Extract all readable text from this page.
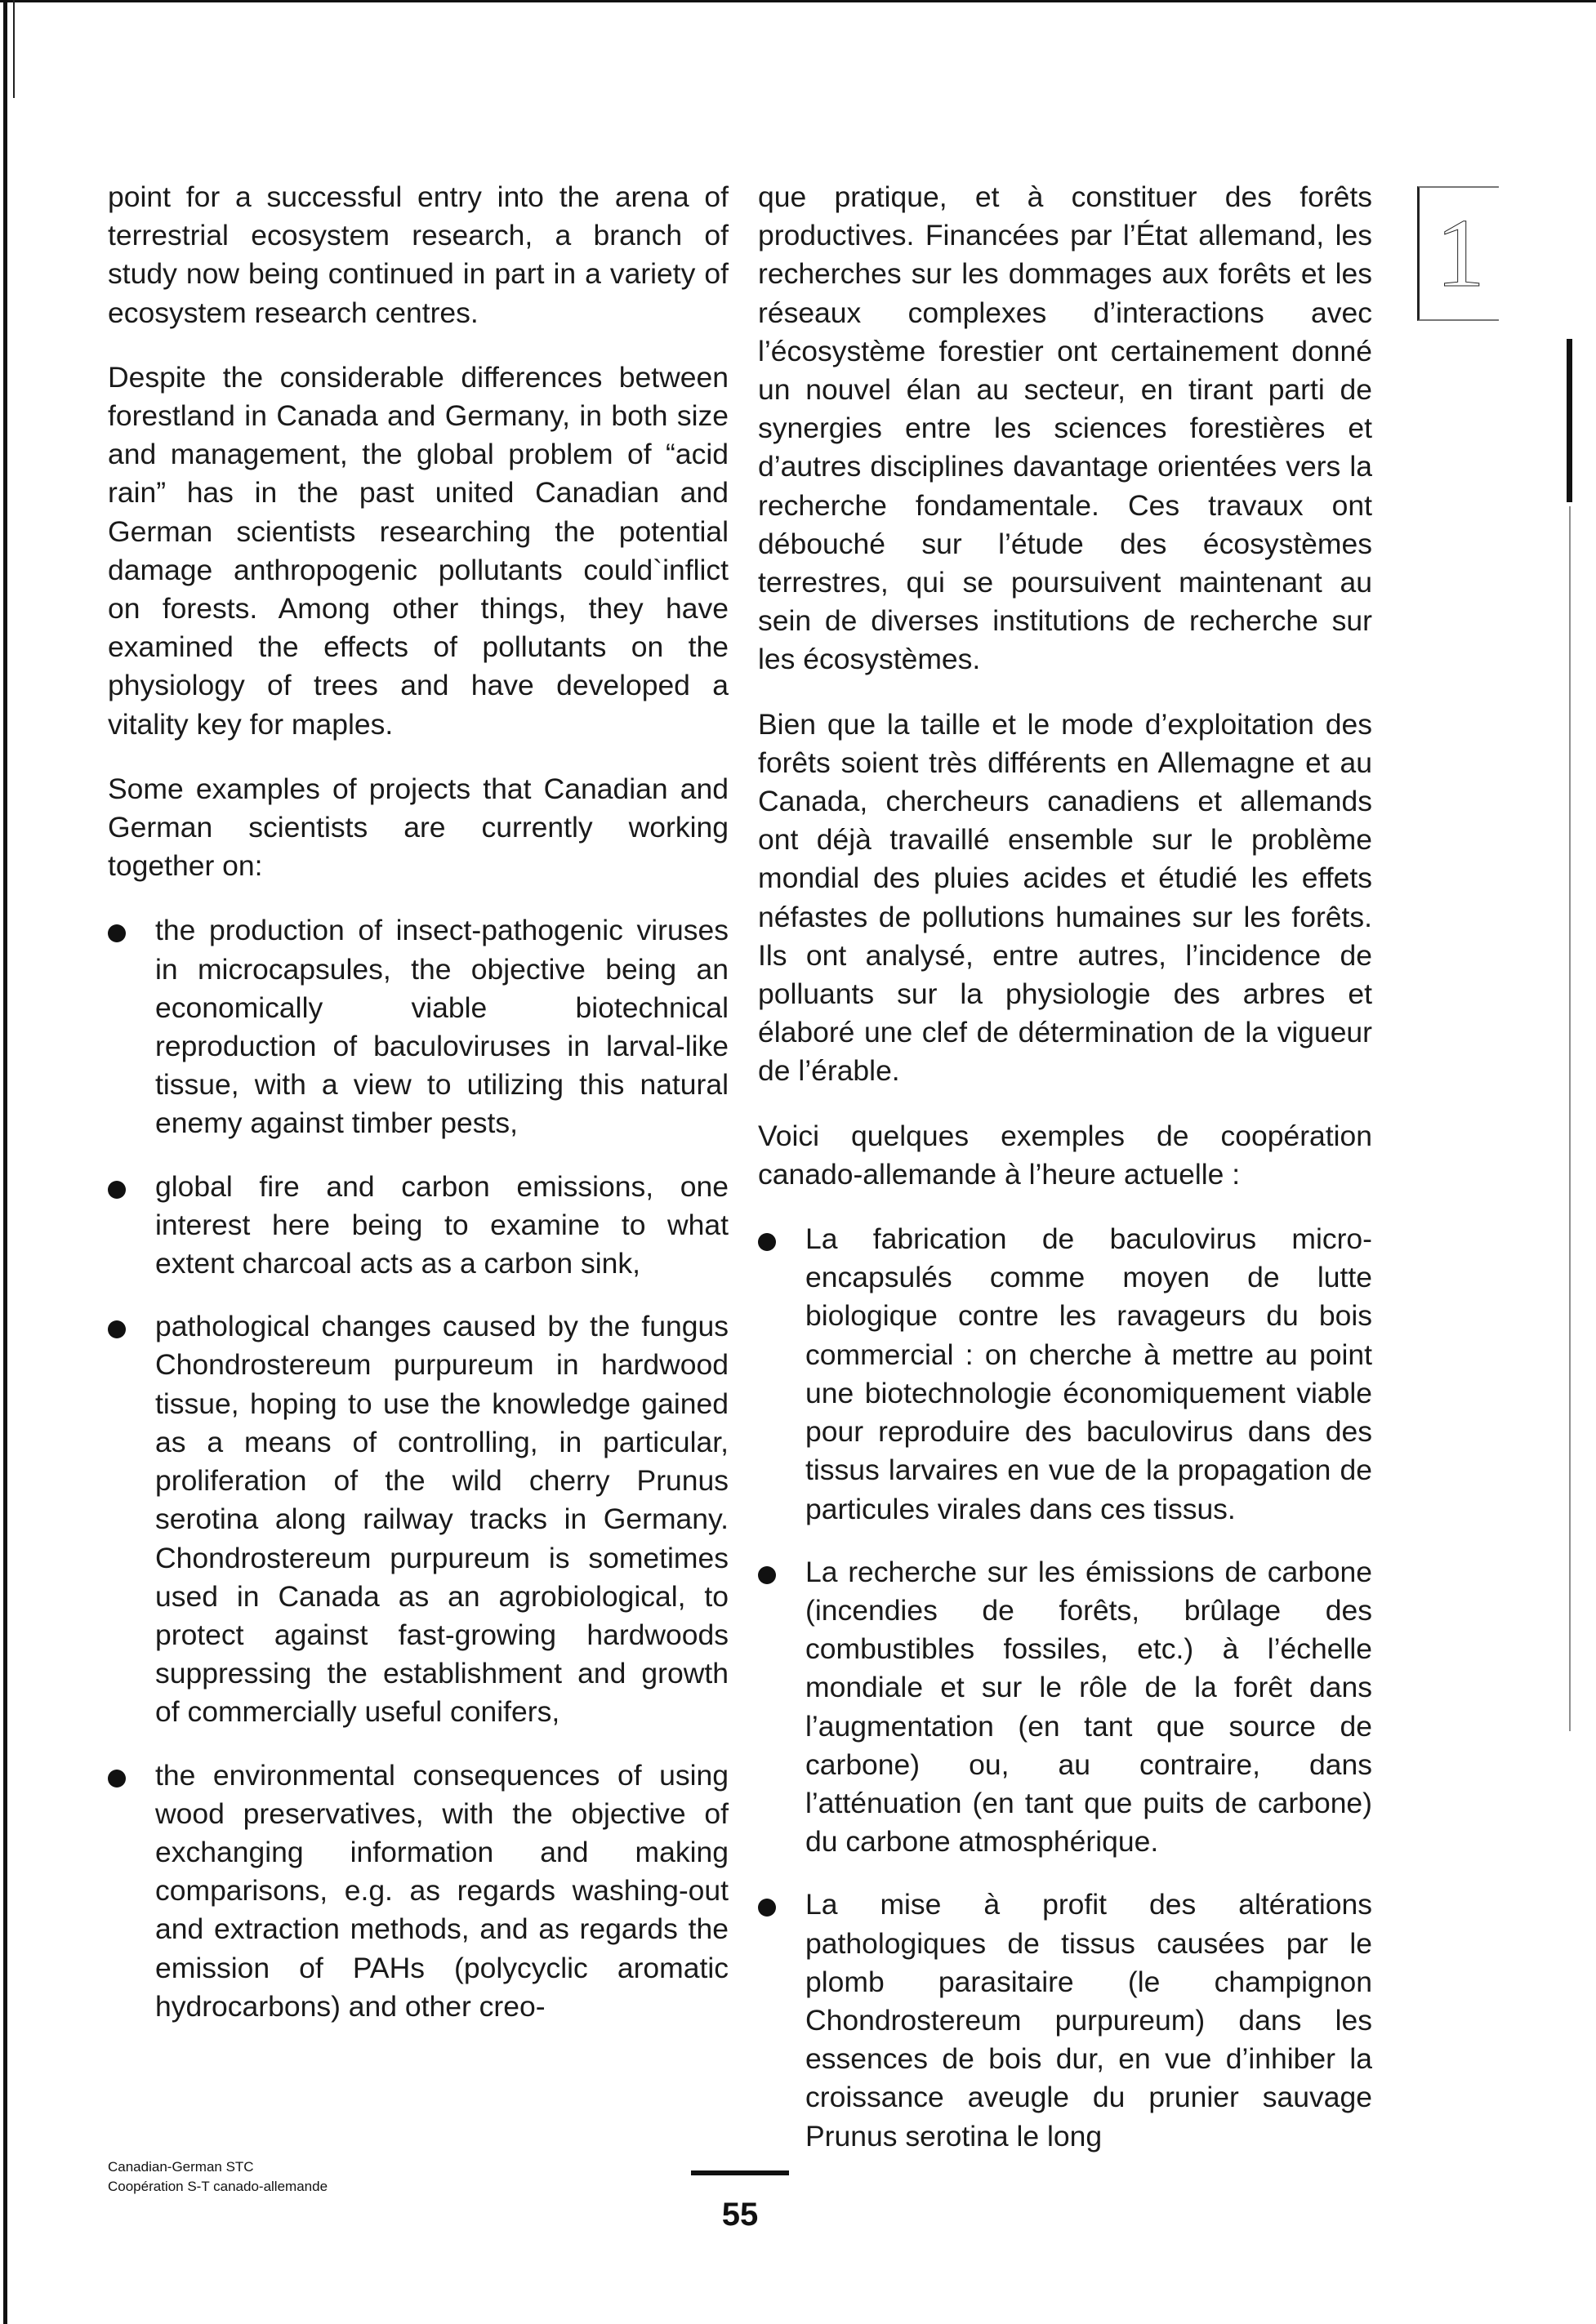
1

point for a successful entry into the arena of terrestrial ecosystem research, a branch of study now being continued in part in a variety of ecosystem research centres.

Despite the considerable differences between forestland in Canada and Germany, in both size and management, the global problem of “acid rain” has in the past united Canadian and German scientists researching the potential damage anthropogenic pollutants could`inflict on forests. Among other things, they have examined the effects of pollutants on the physiology of trees and have developed a vitality key for maples.

Some examples of projects that Canadian and German scientists are currently working together on:

the production of insect-pathogenic viruses in microcapsules, the objective being an economically viable biotechnical reproduction of baculoviruses in larval-like tissue, with a view to utilizing this natural enemy against timber pests,
global fire and carbon emissions, one interest here being to examine to what extent charcoal acts as a carbon sink,
pathological changes caused by the fungus Chondrostereum purpureum in hardwood tissue, hoping to use the knowledge gained as a means of controlling, in particular, proliferation of the wild cherry Prunus serotina along railway tracks in Germany. Chondrostereum purpureum is sometimes used in Canada as an agrobiological, to protect against fast-growing hardwoods suppressing the establishment and growth of commercially useful conifers,
the environmental consequences of using wood preservatives, with the objective of exchanging information and making comparisons, e.g. as regards washing-out and extraction methods, and as regards the emission of PAHs (polycyclic aromatic hydrocarbons) and other creo-

que pratique, et à constituer des forêts productives. Financées par l’État allemand, les recherches sur les dommages aux forêts et les réseaux complexes d’interactions avec l’écosystème forestier ont certainement donné un nouvel élan au secteur, en tirant parti de synergies entre les sciences forestières et d’autres disciplines davantage orientées vers la recherche fondamentale. Ces travaux ont débouché sur l’étude des écosystèmes terrestres, qui se poursuivent maintenant au sein de diverses institutions de recherche sur les écosystèmes.

Bien que la taille et le mode d’exploitation des forêts soient très différents en Allemagne et au Canada, chercheurs canadiens et allemands ont déjà travaillé ensemble sur le problème mondial des pluies acides et étudié les effets néfastes de pollutions humaines sur les forêts. Ils ont analysé, entre autres, l’incidence de polluants sur la physiologie des arbres et élaboré une clef de détermination de la vigueur de l’érable.

Voici quelques exemples de coopération canado-allemande à l’heure actuelle :

La fabrication de baculovirus micro-encapsulés comme moyen de lutte biologique contre les ravageurs du bois commercial : on cherche à mettre au point une biotechnologie économiquement viable pour reproduire des baculovirus dans des tissus larvaires en vue de la propagation de particules virales dans ces tissus.
La recherche sur les émissions de carbone (incendies de forêts, brûlage des combustibles fossiles, etc.) à l’échelle mondiale et sur le rôle de la forêt dans l’augmentation (en tant que source de carbone) ou, au contraire, dans l’atténuation (en tant que puits de carbone) du carbone atmosphérique.
La mise à profit des altérations pathologiques de tissus causées par le plomb parasitaire (le champignon Chondrostereum purpureum) dans les essences de bois dur, en vue d’inhiber la croissance aveugle du prunier sauvage Prunus serotina le long
Canadian-German STC
Coopération S-T canado-allemande
55
